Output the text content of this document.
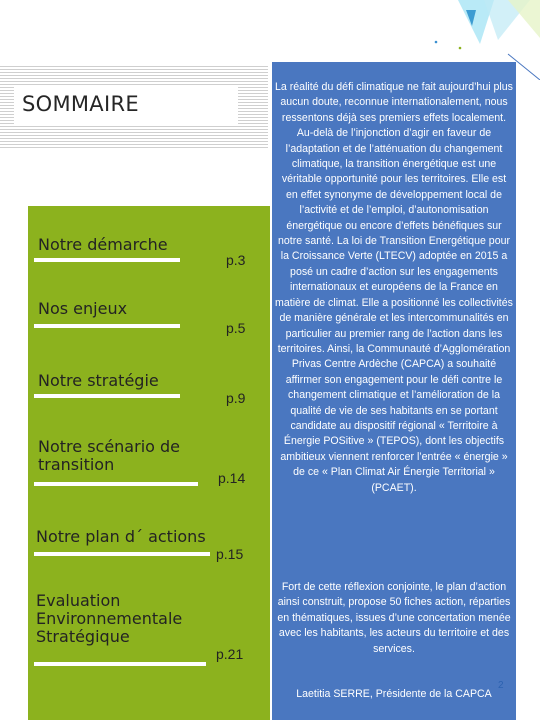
SOMMAIRE
Notre démarche
p.3
Nos enjeux
p.5
Notre stratégie
p.9
Notre scénario de transition
p.14
Notre plan d´ actions
p.15
Evaluation Environnementale Stratégique
p.21
La réalité du défi climatique ne fait aujourd’hui plus aucun doute, reconnue internationalement, nous ressentons déjà ses premiers effets localement. Au-delà de l’injonction d’agir en faveur de l’adaptation et de l’atténuation du changement climatique, la transition énergétique est une véritable opportunité pour les territoires. Elle est en effet synonyme de développement local de l’activité et de l’emploi, d’autonomisation énergétique ou encore d’effets bénéfiques sur notre santé. La loi de Transition Energétique pour la Croissance Verte (LTECV) adoptée en 2015 a posé un cadre d’action sur les engagements internationaux et européens de la France en matière de climat. Elle a positionné les collectivités de manière générale et les intercommunalités en particulier au premier rang de l’action dans les territoires. Ainsi, la Communauté d’Agglomération Privas Centre Ardèche (CAPCA) a souhaité affirmer son engagement pour le défi contre le changement climatique et l’amélioration de la qualité de vie de ses habitants en se portant candidate au dispositif régional « Territoire à Énergie POSitive » (TEPOS), dont les objectifs ambitieux viennent renforcer l’entrée « énergie » de ce « Plan Climat Air Énergie Territorial » (PCAET).
Fort de cette réflexion conjointe, le plan d’action ainsi construit, propose 50 fiches action, réparties en thématiques, issues d’une concertation menée avec les habitants, les acteurs du territoire et des services.
Laetitia SERRE, Présidente de la CAPCA
2
